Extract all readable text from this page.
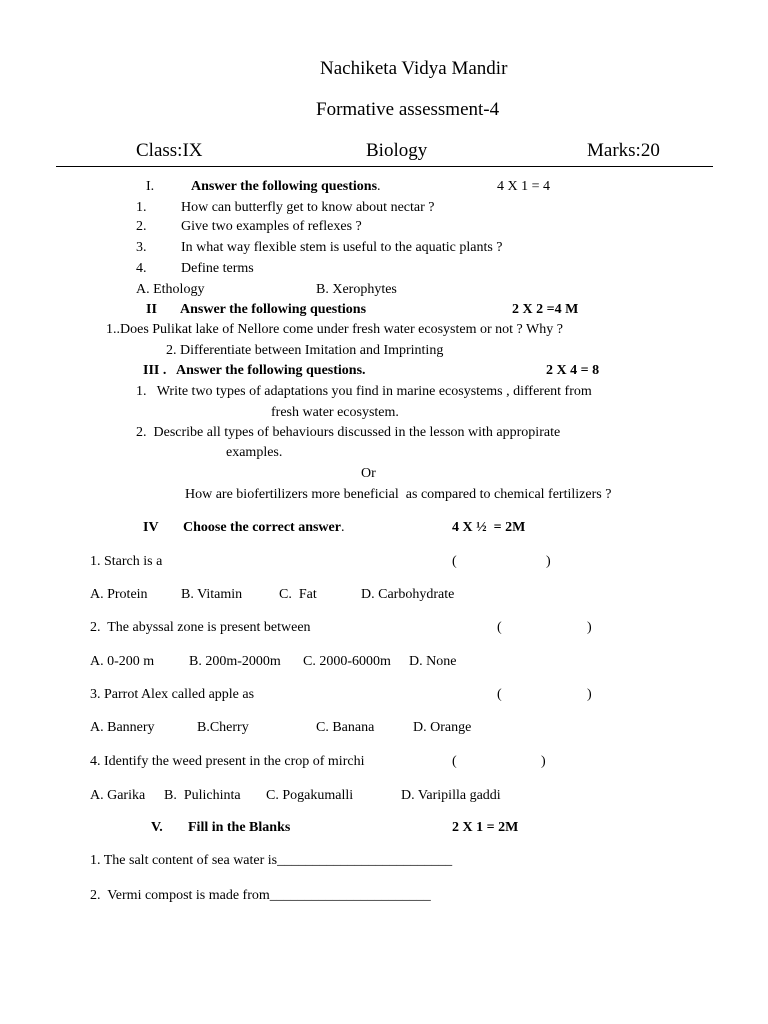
Nachiketa Vidya Mandir
Formative assessment-4
Class:IX	Biology	Marks:20
I.	Answer the following questions.	4 X 1 = 4
1. How can butterfly get to know about nectar ?
2. Give two examples of reflexes ?
3. In what way flexible stem is useful to the aquatic plants ?
4. Define terms
A. Ethology	B. Xerophytes
II Answer the following questions	2 X 2 =4 M
1..Does Pulikat lake of Nellore come under fresh water ecosystem or not ? Why ?
2. Differentiate between Imitation and Imprinting
III . Answer the following questions.	2 X 4 = 8
1.   Write two types of adaptations you find in marine ecosystems , different from
fresh water ecosystem.
2.  Describe all types of behaviours discussed in the lesson with appropirate
examples.
Or
How are biofertilizers more beneficial  as compared to chemical fertilizers ?
IV Choose the correct answer.	4 X ½  = 2M
1. Starch is a	(	)
A. Protein B. Vitamin	C.  Fat	D. Carbohydrate
2.  The abyssal zone is present between	(	)
A. 0-200 m B. 200m-2000m C. 2000-6000m D. None
3. Parrot Alex called apple as	(	)
A. Bannery	B.Cherry	C. Banana	D. Orange
4. Identify the weed present in the crop of mirchi	(	)
A. Garika B.  Pulichinta C. Pogakumalli	D. Varipilla gaddi
V. Fill in the Blanks	2 X 1 = 2M
1. The salt content of sea water is_________________________
2.  Vermi compost is made from_______________________
